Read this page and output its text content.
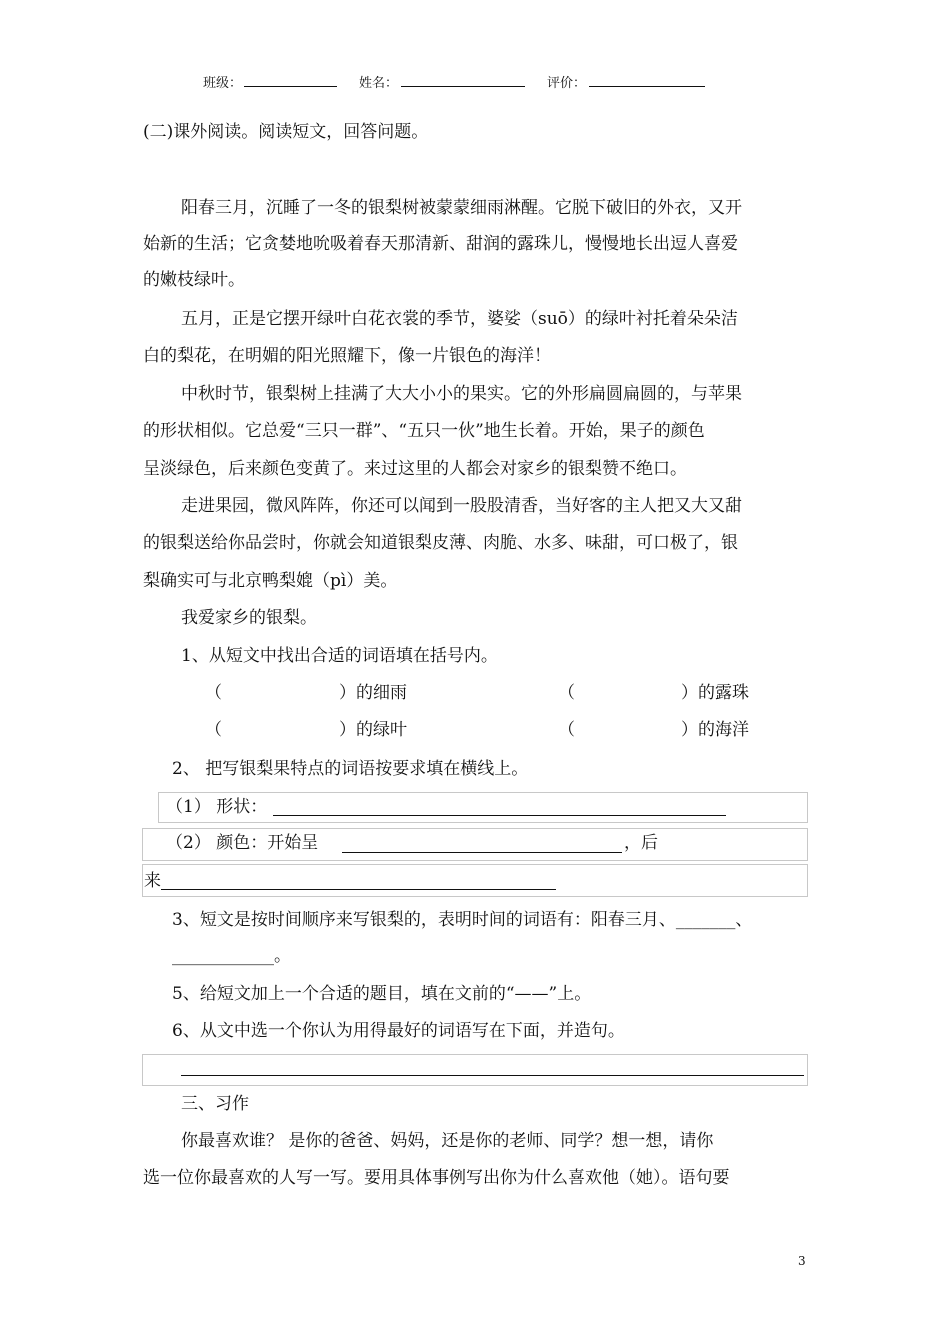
班级：	姓名：	评价：
(二)课外阅读。阅读短文，回答问题。
阳春三月，沉睡了一冬的银梨树被蒙蒙细雨淋醒。它脱下破旧的外衣，又开
始新的生活；它贪婪地吮吸着春天那清新、甜润的露珠儿，慢慢地长出逗人喜爱
的嫩枝绿叶。
五月，正是它摆开绿叶白花衣裳的季节，婆娑（suō）的绿叶衬托着朵朵洁
白的梨花，在明媚的阳光照耀下，像一片银色的海洋！
中秋时节，银梨树上挂满了大大小小的果实。它的外形扁圆扁圆的，与苹果
的形状相似。它总爱“三只一群”、“五只一伙”地生长着。开始，果子的颜色
呈淡绿色，后来颜色变黄了。来过这里的人都会对家乡的银梨赞不绝口。
走进果园，微风阵阵，你还可以闻到一股股清香，当好客的主人把又大又甜
的银梨送给你品尝时，你就会知道银梨皮薄、肉脆、水多、味甜，可口极了，银
梨确实可与北京鸭梨媲（pì）美。
我爱家乡的银梨。
1、从短文中找出合适的词语填在括号内。
（	）的细雨	（	）的露珠
（	）的绿叶	（	）的海洋
2、 把写银梨果特点的词语按要求填在横线上。
（1） 形状：
（2） 颜色：开始呈	，后
来
3、短文是按时间顺序来写银梨的，表明时间的词语有：阳春三月、_______、
____________。
5、给短文加上一个合适的题目，填在文前的“——”上。
6、从文中选一个你认为用得最好的词语写在下面，并造句。
三、习作
你最喜欢谁？ 是你的爸爸、妈妈，还是你的老师、同学？想一想，请你
选一位你最喜欢的人写一写。要用具体事例写出你为什么喜欢他（她）。语句要
3
